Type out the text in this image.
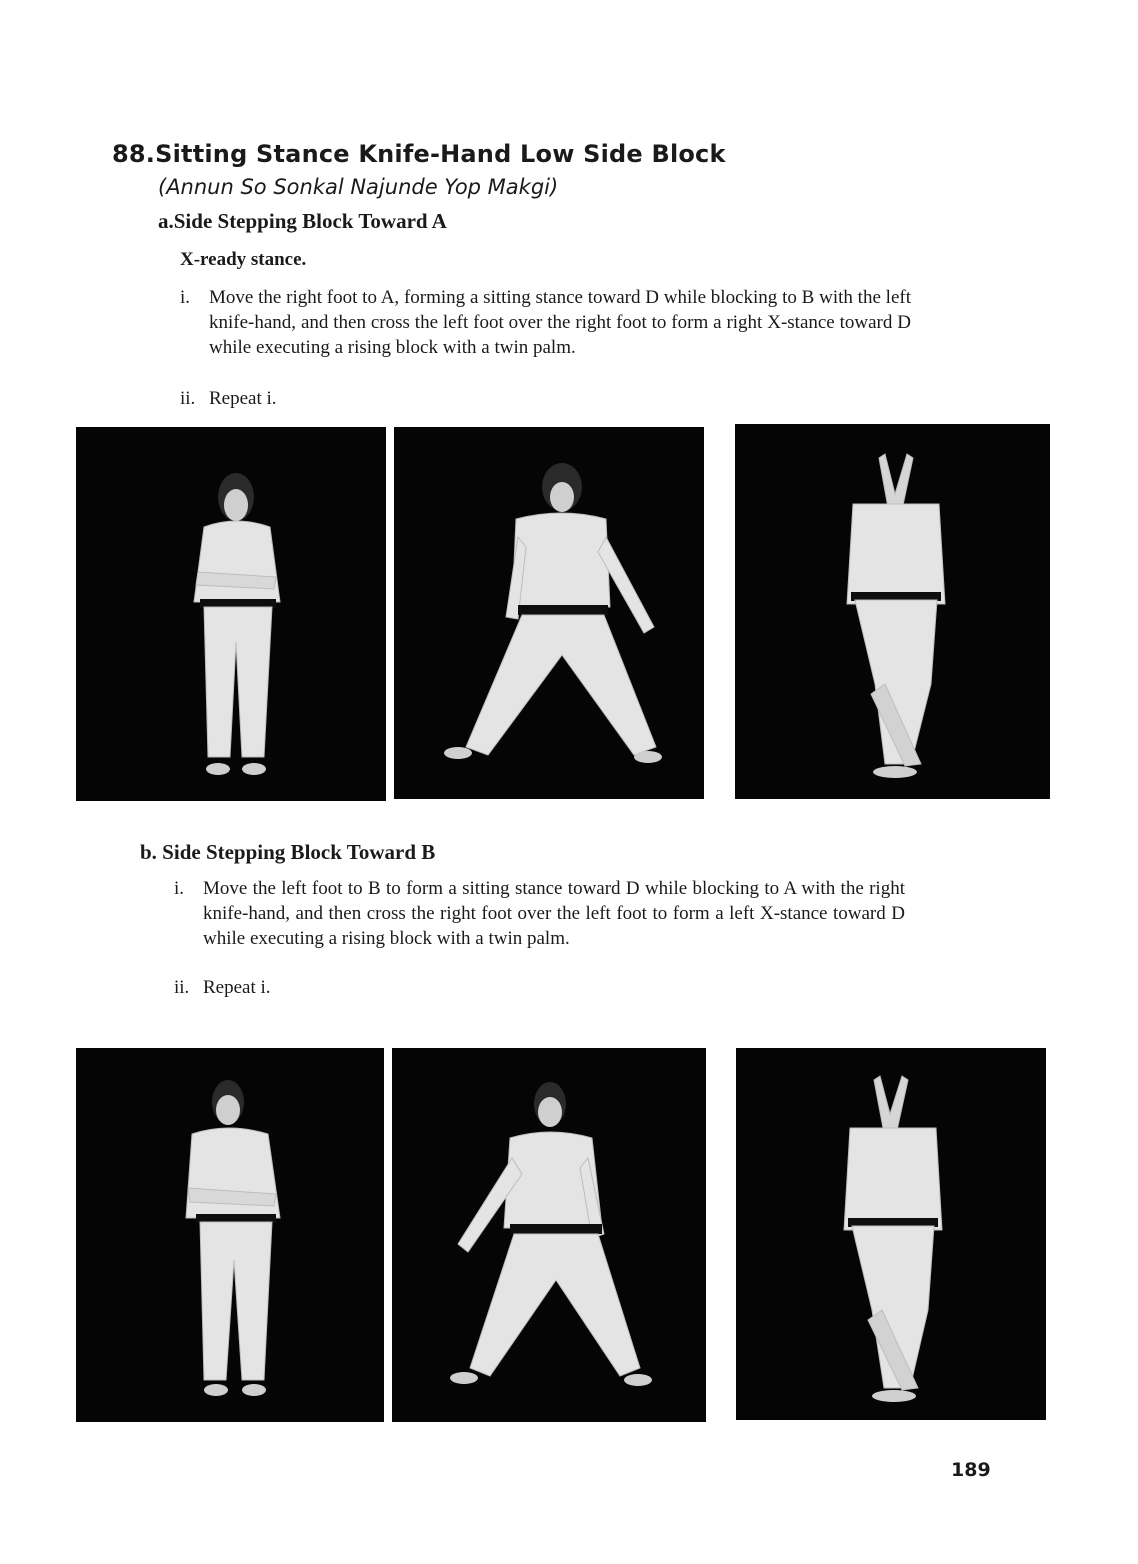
88.Sitting Stance Knife-Hand Low Side Block
(Annun So Sonkal Najunde Yop Makgi)
a.Side Stepping Block Toward A
X-ready stance.
i. Move the right foot to A, forming a sitting stance toward D while blocking to B with the left knife-hand, and then cross the left foot over the right foot to form a right X-stance toward D while executing a rising block with a twin palm.
ii. Repeat i.
b. Side Stepping Block Toward B
i. Move the left foot to B to form a sitting stance toward D while blocking to A with the right knife-hand, and then cross the right foot over the left foot to form a left X-stance toward D while executing a rising block with a twin palm.
ii. Repeat i.
189
